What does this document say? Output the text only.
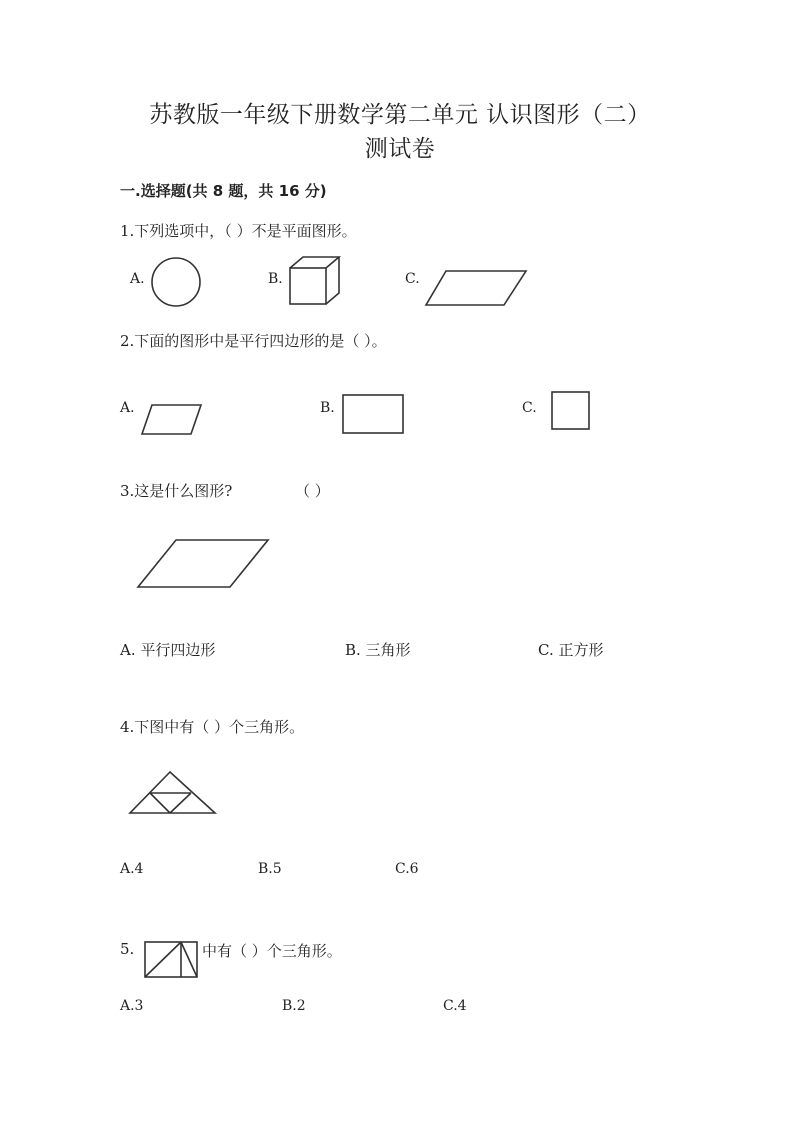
苏教版一年级下册数学第二单元 认识图形（二）
测试卷
一.选择题(共 8 题，共 16 分)
1.下列选项中，（ ）不是平面图形。
A.	B.	C.
2.下面的图形中是平行四边形的是（ ）。
A.	B.	C.
3.这是什么图形?	（ ）
A. 平行四边形	B. 三角形	C. 正方形
4.下图中有（ ）个三角形。
A.4	B.5	C.6
5.	中有（ ）个三角形。
A.3	B.2	C.4
